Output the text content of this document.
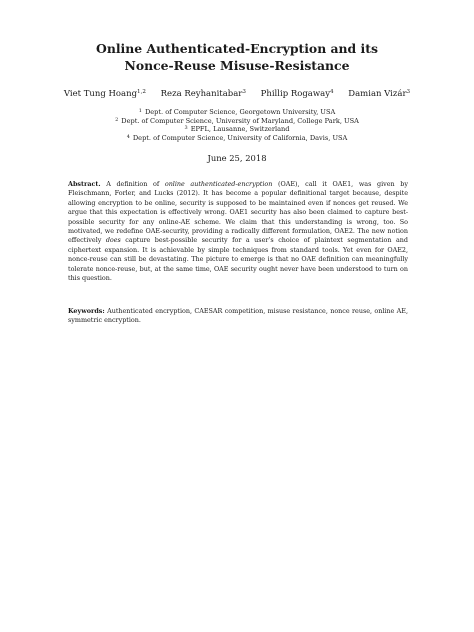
Online Authenticated-Encryption and its
Nonce-Reuse Misuse-Resistance
Viet Tung Hoang$^{1,2}$ Reza Reyhanitabar$^3$ Phillip Rogaway$^4$ Damian Vizár$^3$
$^1$ Dept. of Computer Science, Georgetown University, USA
$^2$ Dept. of Computer Science, University of Maryland, College Park, USA
$^3$ EPFL, Lausanne, Switzerland
$^4$ Dept. of Computer Science, University of California, Davis, USA
June 25, 2018
Abstract. A definition of online authenticated-encryption (OAE), call it OAE1, was given by Fleischmann, Forler, and Lucks (2012). It has become a popular definitional target because, despite allowing encryption to be online, security is supposed to be maintained even if nonces get reused. We argue that this expectation is effectively wrong. OAE1 security has also been claimed to capture best-possible security for any online-AE scheme. We claim that this understanding is wrong, too. So motivated, we redefine OAE-security, providing a radically different formulation, OAE2. The new notion effectively does capture best-possible security for a user’s choice of plaintext segmentation and ciphertext expansion. It is achievable by simple techniques from standard tools. Yet even for OAE2, nonce-reuse can still be devastating. The picture to emerge is that no OAE definition can meaningfully tolerate nonce-reuse, but, at the same time, OAE security ought never have been understood to turn on this question.
Keywords: Authenticated encryption, CAESAR competition, misuse resistance, nonce reuse, online AE, symmetric encryption.
